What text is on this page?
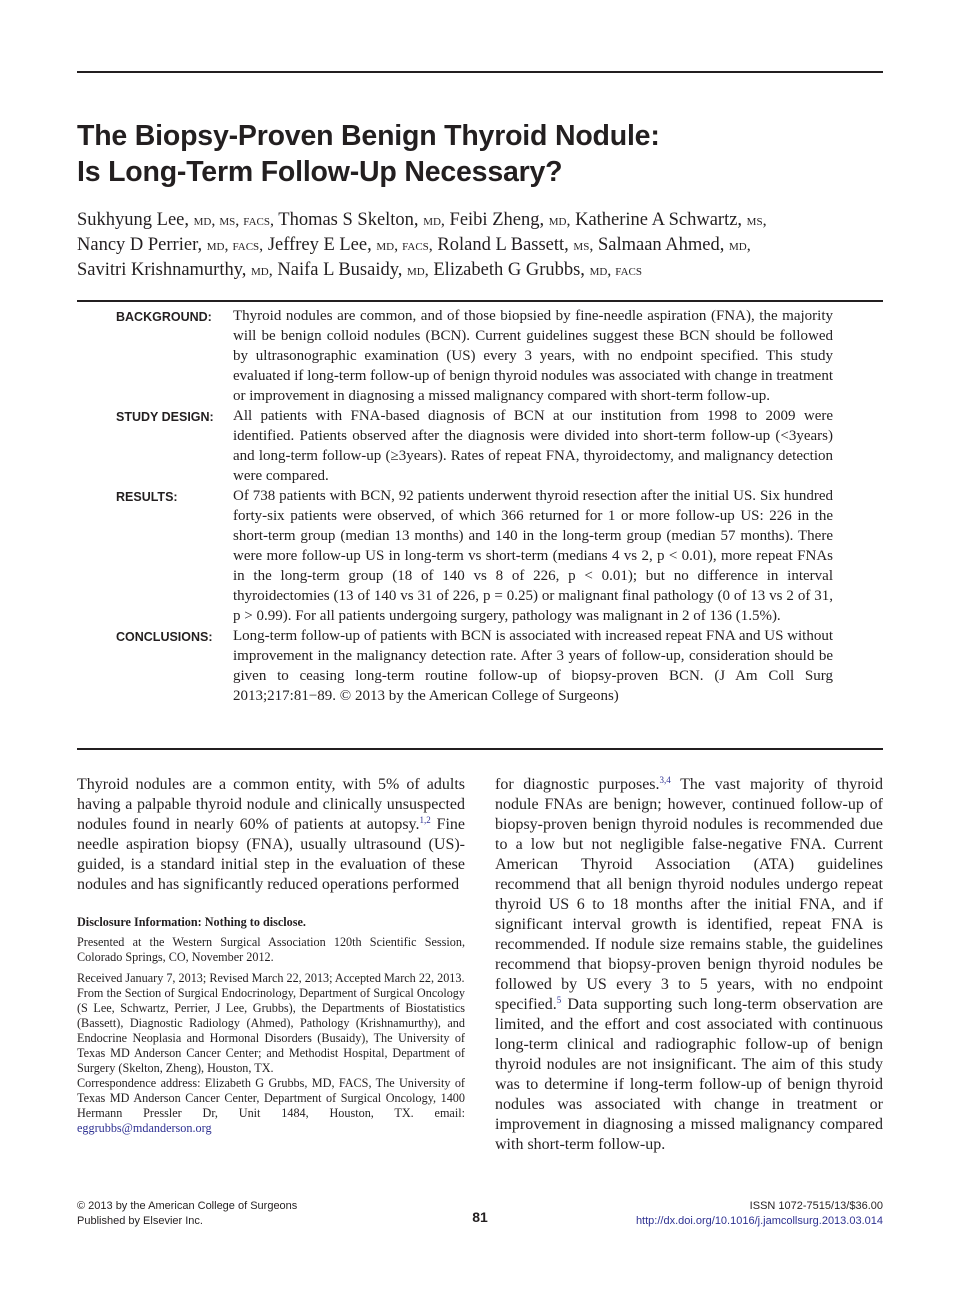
The Biopsy-Proven Benign Thyroid Nodule:
Is Long-Term Follow-Up Necessary?
Sukhyung Lee, md, ms, facs, Thomas S Skelton, md, Feibi Zheng, md, Katherine A Schwartz, ms,
Nancy D Perrier, md, facs, Jeffrey E Lee, md, facs, Roland L Bassett, ms, Salmaan Ahmed, md,
Savitri Krishnamurthy, md, Naifa L Busaidy, md, Elizabeth G Grubbs, md, facs
BACKGROUND:	Thyroid nodules are common, and of those biopsied by fine-needle aspiration (FNA), the majority will be benign colloid nodules (BCN). Current guidelines suggest these BCN should be followed by ultrasonographic examination (US) every 3 years, with no endpoint specified. This study evaluated if long-term follow-up of benign thyroid nodules was associated with change in treatment or improvement in diagnosing a missed malignancy compared with short-term follow-up.
STUDY DESIGN:	All patients with FNA-based diagnosis of BCN at our institution from 1998 to 2009 were identified. Patients observed after the diagnosis were divided into short-term follow-up (<3years) and long-term follow-up (≥3years). Rates of repeat FNA, thyroidectomy, and malignancy detection were compared.
RESULTS:	Of 738 patients with BCN, 92 patients underwent thyroid resection after the initial US. Six hundred forty-six patients were observed, of which 366 returned for 1 or more follow-up US: 226 in the short-term group (median 13 months) and 140 in the long-term group (median 57 months). There were more follow-up US in long-term vs short-term (medians 4 vs 2, p < 0.01), more repeat FNAs in the long-term group (18 of 140 vs 8 of 226, p < 0.01); but no difference in interval thyroidectomies (13 of 140 vs 31 of 226, p = 0.25) or malignant final pathology (0 of 13 vs 2 of 31, p > 0.99). For all patients undergoing surgery, pathology was malignant in 2 of 136 (1.5%).
CONCLUSIONS:	Long-term follow-up of patients with BCN is associated with increased repeat FNA and US without improvement in the malignancy detection rate. After 3 years of follow-up, consideration should be given to ceasing long-term routine follow-up of biopsy-proven BCN. (J Am Coll Surg 2013;217:81−89. © 2013 by the American College of Surgeons)
Thyroid nodules are a common entity, with 5% of adults having a palpable thyroid nodule and clinically unsuspected nodules found in nearly 60% of patients at autopsy.$^{1,2}$ Fine needle aspiration biopsy (FNA), usually ultrasound (US)-guided, is a standard initial step in the evaluation of these nodules and has significantly reduced operations performed

Disclosure Information: Nothing to disclose.

Presented at the Western Surgical Association 120th Scientific Session, Colorado Springs, CO, November 2012.

Received January 7, 2013; Revised March 22, 2013; Accepted March 22, 2013.

From the Section of Surgical Endocrinology, Department of Surgical Oncology (S Lee, Schwartz, Perrier, J Lee, Grubbs), the Departments of Biostatistics (Bassett), Diagnostic Radiology (Ahmed), Pathology (Krishnamurthy), and Endocrine Neoplasia and Hormonal Disorders (Busaidy), The University of Texas MD Anderson Cancer Center; and Methodist Hospital, Department of Surgery (Skelton, Zheng), Houston, TX.

Correspondence address: Elizabeth G Grubbs, MD, FACS, The University of Texas MD Anderson Cancer Center, Department of Surgical Oncology, 1400 Hermann Pressler Dr, Unit 1484, Houston, TX. email: eggrubbs@mdanderson.org

for diagnostic purposes.$^{3,4}$ The vast majority of thyroid nodule FNAs are benign; however, continued follow-up of biopsy-proven benign thyroid nodules is recommended due to a low but not negligible false-negative FNA. Current American Thyroid Association (ATA) guidelines recommend that all benign thyroid nodules undergo repeat thyroid US 6 to 18 months after the initial FNA, and if significant interval growth is identified, repeat FNA is recommended. If nodule size remains stable, the guidelines recommend that biopsy-proven benign thyroid nodules be followed by US every 3 to 5 years, with no endpoint specified.$^5$ Data supporting such long-term observation are limited, and the effort and cost associated with continuous long-term clinical and radiographic follow-up of benign thyroid nodules are not insignificant. The aim of this study was to determine if long-term follow-up of benign thyroid nodules was associated with change in treatment or improvement in diagnosing a missed malignancy compared with short-term follow-up.
© 2013 by the American College of Surgeons
Published by Elsevier Inc.	81
ISSN 1072-7515/13/$36.00
http://dx.doi.org/10.1016/j.jamcollsurg.2013.03.014
